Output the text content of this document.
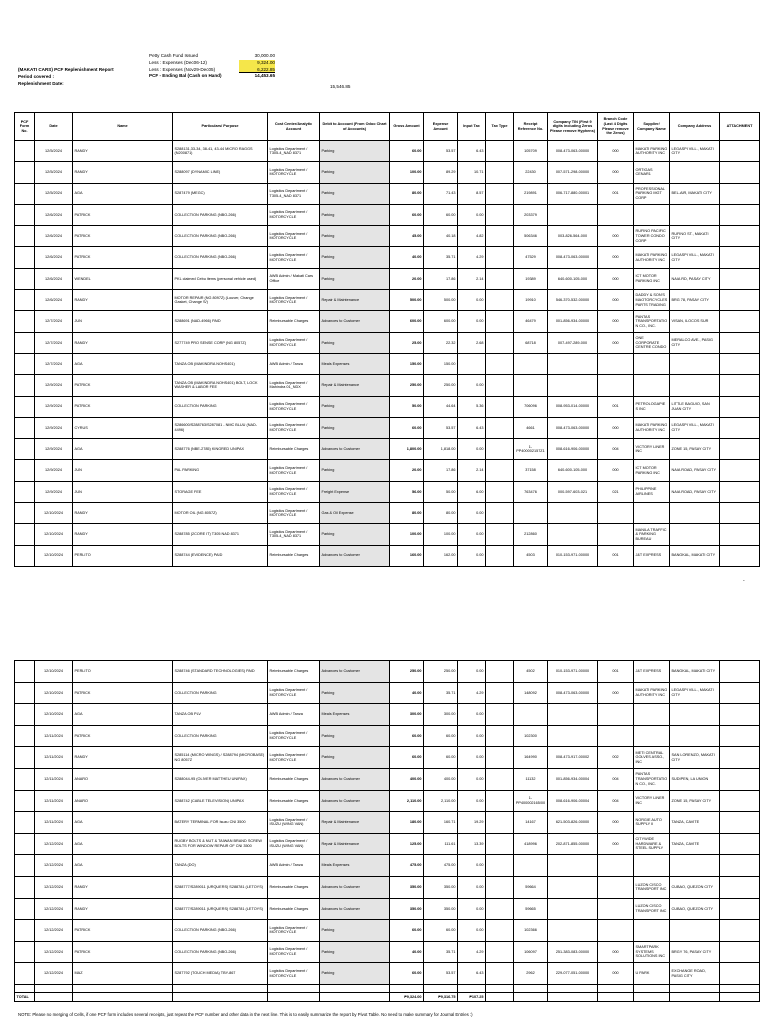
(MAKATI CARS) PCF Replenishment Report
Period covered :
Replenishment Date:
Petty Cash Fund Issued	30,000.00
Less : Expenses (Dec06-12)	9,324.00
Less : Expenses (Nov29-Dec05)	6,222.85
PCF - Ending Bal (Cash on Hand)	14,453.65
15,546.85
PCF Form No.	Date	Name	Particulars/ Purpose	Cost Center/Analytic Account	Debit to Account (From Odoo Chart of Accounts)	Gross Amount	Expense Amount	Input Tax	Tax Type	Receipt Reference No.	Company TIN (First 9 digits including Zeros Please remove Hyphens)	Branch Code (Last 4 Digits Please remove the Zeros)	Supplier/ Company Name	Company Address	ATTACHMENT
	12/5/2024	RANDY	S288131,33-34, 38-41, 43-44 MICRO RAGGS (N200871)	Logistics Department / T305-4_NAD 8371	Parking	60.00	53.57	6.43		105709	008-473-063-00000	000	MAKATI PARKING AUTHORITY INC	LEGASPI VILL., MAKATI CITY	
	12/5/2024	RANDY	S288097 (DYNAMIC LINE)	Logistics Department / MOTORCYCLE	Parking	100.00	89.29	10.71		22430	007-571-298-00000	000	ORTIGAS CENAR1		
	12/5/2024	AGA	S287479 (MEGC)	Logistics Department / T305-4_NAD 8371	Parking	80.00	71.43	8.57		219891	006-717-880-00001	001	PROFESSIONAL PARKING MGT CORP	BEL-AIR, MAKATI CITY	
	12/6/2024	PATRICK	COLLECTION PARKING (NBO-266)	Logistics Department / MOTORCYCLE	Parking	60.00	60.00	0.00		203379					
	12/6/2024	PATRICK	COLLECTION PARKING (NBO-266)	Logistics Department / MOTORCYCLE	Parking	45.00	40.18	4.82		506346	003-826-564-000	000	RUFINO PACIFIC TOWER CONDO CORP	RUFINO ST., MAKATI CITY	
	12/6/2024	PATRICK	COLLECTION PARKING (NBO-266)	Logistics Department / MOTORCYCLE	Parking	40.00	35.71	4.29		47529	008-473-063-00000	000	MAKATI PARKING AUTHORITY INC	LEGASPI VILL., MAKATI CITY	
	12/6/2024	WENDEL	PKL claimed Cebu items (personal vehicle used)	AWB Admin / Makati Cars Office	Parking	20.00	17.86	2.14		19389	640-600-105-000	000	ICT MOTOR PARKING INC	NAIA RD, PASAY CITY	
	12/6/2024	RANDY	MOTOR REPAIR (NG 8097Z) (Louver, Change Gasket, Change S/)	Logistics Department / MOTORCYCLE	Repair & Maintenance	500.00	500.00	0.00		19910	546-370-532-00000	000	DADDY & SON'S MAOTORCYCLES PARTS TRADING	BRG 78, PASAY CITY	
	12/7/2024	JUN	S288691 (NAD-4966) PAID	Reimbursable Charges	Advances to Customer	600.00	600.00	0.00		46479	001-856-934-00000	000	PANTAS TRANSPORTATION CO., INC.	VISAN, ILOCOS SUR	
	12/7/2024	RANDY	S277749 PRO SENSE CORP (NG 8057Z)	Logistics Department / MOTORCYCLE	Parking	25.00	22.32	2.68		68718	007-497-289-000	000	ONE CORPORATE CENTRE CONDO	MERALCO AVE., PASIG CITY	
	12/7/2024	AGA	TANZA OB (MAKINDRA NOHS401)	AWB Admin / Tanza	Meals Expenses	150.00	150.00								
	12/9/2024	PATRICK	TANZA OB (MAKINDRA NOHS401) BOLT, LOCK WASHER & LABOR FEE	Logistics Department / Mahindra 01_NDX	Repair & Maintenance	250.00	250.00	0.00							
	12/9/2024	PATRICK	COLLECTION PARKING	Logistics Department / MOTORCYCLE	Parking	50.00	44.64	5.36		706096	008-953-014-00000	001	PETROLOGAPIES INC	LITTLE BAGUIO, SAN JUAN CITY	
	12/9/2024	CYRUS	S286600/S288763/S287081 - NMC BLUU (NAD-4496)	Logistics Department / MOTORCYCLE	Parking	60.00	53.57	6.43		4661	008-473-063-00000	000	MAKATI PARKING AUTHORITY INC	LEGASPI VILL., MAKATI CITY	
	12/9/2024	AGA	S288776 (NBE-2785) KINGRED UNIPAX	Reimbursable Charges	Advances to Customer	1,800.00	1,818.00	0.00		1-PP400002157Z1	008-616-906-00000	004	VICTORY LINER INC	ZONE 15, PASAY CITY	
	12/9/2024	JUN	PAL PARKING	Logistics Department / MOTORCYCLE	Parking	20.00	17.86	2.14		37158	640-600-105-000	000	ICT MOTOR PARKING INC	NAIA ROAD, PASAY CITY	
	12/9/2024	JUN	STORAGE FEE	Logistics Department / MOTORCYCLE	Freight Expense	56.00	50.00	6.00		763476	000-597-603-021	021	PHILIPPINE AIRLINES	NAIA ROAD, PASAY CITY	
	12/10/2024	RANDY	MOTOR OIL (NG 8057Z)	Logistics Department / MOTORCYCLE	Gas & Oil Expense	80.00	80.00	0.00							
	12/10/2024	RANDY	S288785 (2CORE IT) T305 NAD 8371	Logistics Department / T305-4_NAD 8371	Parking	100.00	100.00	0.00		212860			MANILA TRAFFIC & PARKING BUREAU		
	12/10/2024	PERLITO	S288744 (EVIDENCE) PAID	Reimbursable Charges	Advances to Customer	160.00	162.00	0.00		4503	010-153-971-00000	001	J&T EXPRESS	BANGKAL, MAKATI CITY	
-
	12/10/2024	PERLITO	S288746 (STANDARD TECHNOLOGIES) PAID	Reimbursable Charges	Advances to Customer	250.00	250.00	0.00		4502	010-153-971-00000	001	J&T EXPRESS	BANGKAL, MAKATI CITY	
	12/10/2024	PATRICK	COLLECTION PARKING	Logistics Department / MOTORCYCLE	Parking	40.00	35.71	4.29		148092	008-473-063-00000	000	MAKATI PARKING AUTHORITY INC	LEGASPI VILL., MAKATI CITY	
	12/10/2024	AGA	TANZA OB PLV	AWB Admin / Tanza	Meals Expenses	300.00	300.00	0.00							
	12/11/2024	PATRICK	COLLECTION PARKING	Logistics Department / MOTORCYCLE	Parking	60.00	60.00	0.00		102300					
	12/11/2024	RANDY	S285114 (MICRO WINGS) / S288794 (MICROBASE) NG 8057Z	Logistics Department / MOTORCYCLE	Parking	60.00	60.00	0.00		164990	008-473-917-00002	002	METI CENTRAL GOLVES ASSO., INC	SAN LORENZO, MAKATI CITY	
	12/11/2024	ANARO	S288044-95 (OLIVER MATTHEU UNIPAX)	Reimbursable Charges	Advances to Customer	400.00	400.00	0.00		11132	001-856-934-00004	004	PANTAS TRANSPORTATION CO., INC.	SUDIPEN, LA UNION	
	12/11/2024	ANARO	S288742 (CABLE TELEVISION) UNIPAX	Reimbursable Charges	Advances to Customer	2,110.00	2,110.00	0.00		1-PP400002165/00	008-616-906-00004	004	VICTORY LINER INC	ZONE 15, PASAY CITY	
	12/11/2024	AGA	BATERY TERMINAL FOR Isuzu CNI 3500	Logistics Department / ISUZU (WING VAN)	Repair & Maintenance	180.00	160.71	19.29		14167	621-503-826-00000	000	NORGIE AUTO SUPPLY II	TANZA, CAVITE	
	12/12/2024	AGA	RUGBY BOLTS & NUT & TAIWAN BRAND SCREW BOLTS FOR WINDOW REPAIR OF CNI 3500	Logistics Department / ISUZU (WING VAN)	Repair & Maintenance	125.00	111.61	13.39		418996	202-871-855-00000	000	CITYWIDE HARDWARE & STEEL SUPPLY	TANZA, CAVITE	
	12/12/2024	AGA	TANZA (DO)	AWB Admin / Tanza	Meals Expenses	475.00	475.00	0.00							
	12/12/2024	RANDY	S288777/S289011 (URQUERS) S288781 (LETOYS)	Reimbursable Charges	Advances to Customer	350.00	350.00	0.00		59664			LUZON CISCO TRANSPORT INC	CUBAO, QUEZON CITY	
	12/12/2024	RANDY	S288777/S289011 (URQUERS) S288781 (LETOYS)	Reimbursable Charges	Advances to Customer	350.00	350.00	0.00		59665			LUZON CISCO TRANSPORT INC	CUBAO, QUEZON CITY	
	12/12/2024	PATRICK	COLLECTION PARKING (NBO-266)	Logistics Department / MOTORCYCLE	Parking	60.00	60.00	0.00		102366					
	12/12/2024	PATRICK	COLLECTION PARKING (NBO-266)	Logistics Department / MOTORCYCLE	Parking	40.00	35.71	4.29		106097	251-383-083-00000	000	SMARTPARK SYSTEMS SOLUTIONS INC	BRGY 76, PASAY CITY	
	12/12/2024	MAZ	S287792 (TOUCH MEDIA) TBY-867	Logistics Department / MOTORCYCLE	Parking	60.00	53.57	6.43		2962	229-077-051-00000	000	U PARK	EXCHANGE ROAD, PASIG CITY	

TOTAL						₱9,324.00	₱9,316.75	₱107.25							
NOTE: Please no merging of Cells, if one PCF form includes several receipts, just repeat the PCF number and other data in the next line. This is to easily summarize the report by Pivot Table. No need to make summary for Journal Entries :)
